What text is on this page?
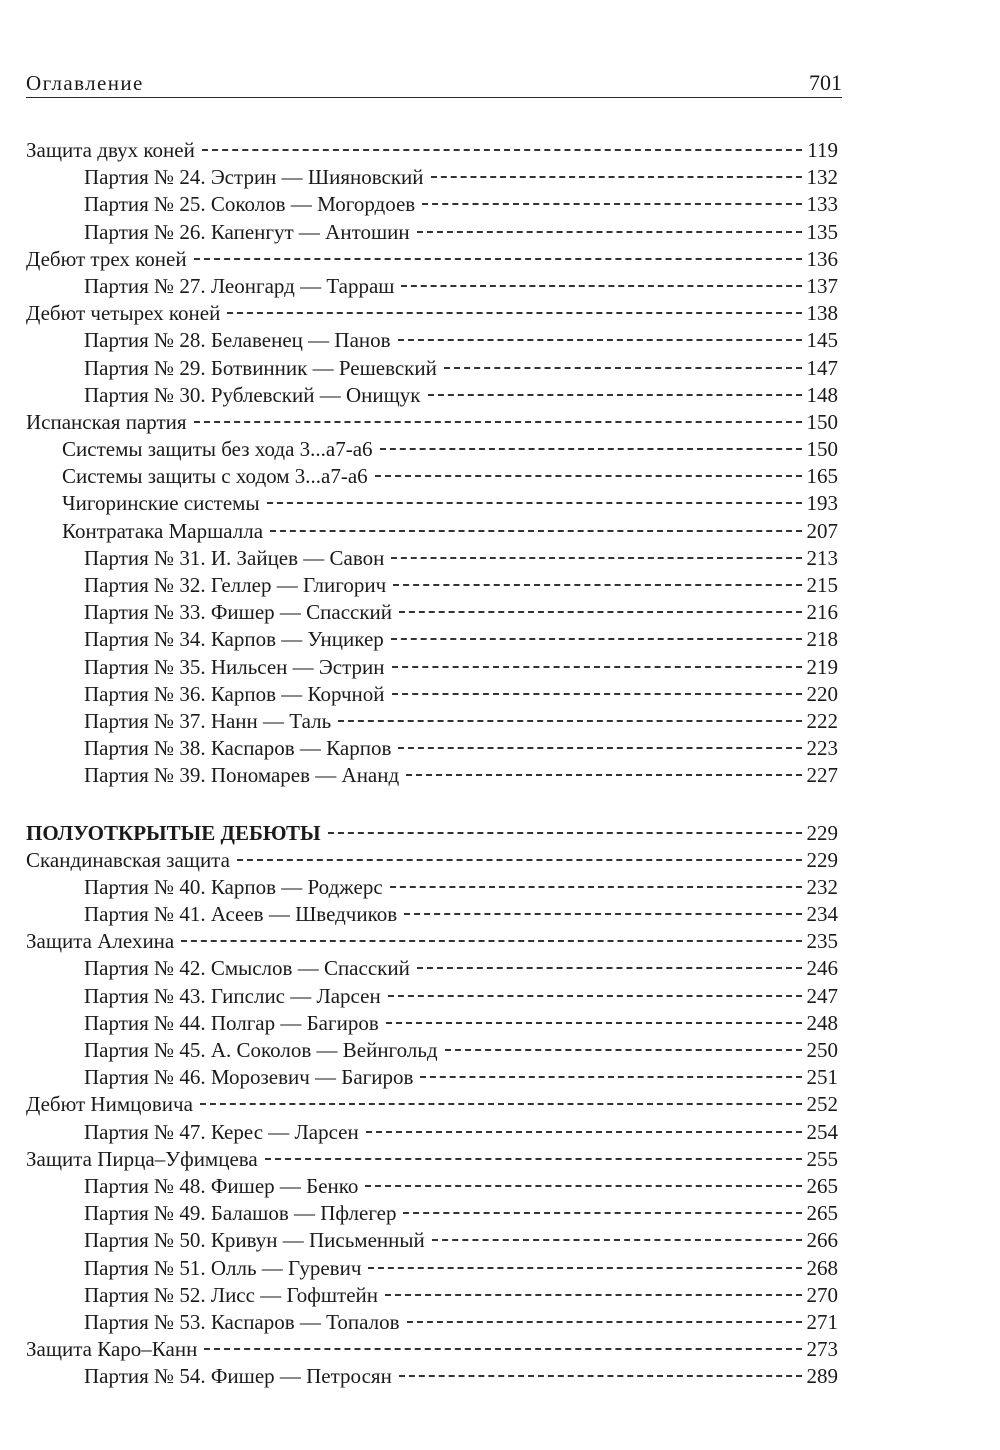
Оглавление	701
Защита двух коней	119
Партия № 24. Эстрин — Шияновский	132
Партия № 25. Соколов — Могордоев	133
Партия № 26. Капенгут — Антошин	135
Дебют трех коней	136
Партия № 27. Леонгард — Тарраш	137
Дебют четырех коней	138
Партия № 28. Белавенец — Панов	145
Партия № 29. Ботвинник — Решевский	147
Партия № 30. Рублевский — Онищук	148
Испанская партия	150
Системы защиты без хода 3...а7-а6	150
Системы защиты с ходом 3...а7-а6	165
Чигоринские системы	193
Контратака Маршалла	207
Партия № 31. И. Зайцев — Савон	213
Партия № 32. Геллер — Глигорич	215
Партия № 33. Фишер — Спасский	216
Партия № 34. Карпов — Унцикер	218
Партия № 35. Нильсен — Эстрин	219
Партия № 36. Карпов — Корчной	220
Партия № 37. Нанн — Таль	222
Партия № 38. Каспаров — Карпов	223
Партия № 39. Пономарев — Ананд	227
ПОЛУОТКРЫТЫЕ ДЕБЮТЫ	229
Скандинавская защита	229
Партия № 40. Карпов — Роджерс	232
Партия № 41. Асеев — Шведчиков	234
Защита Алехина	235
Партия № 42. Смыслов — Спасский	246
Партия № 43. Гипслис — Ларсен	247
Партия № 44. Полгар — Багиров	248
Партия № 45. А. Соколов — Вейнгольд	250
Партия № 46. Морозевич — Багиров	251
Дебют Нимцовича	252
Партия № 47. Керес — Ларсен	254
Защита Пирца–Уфимцева	255
Партия № 48. Фишер — Бенко	265
Партия № 49. Балашов — Пфлегер	265
Партия № 50. Кривун — Письменный	266
Партия № 51. Олль — Гуревич	268
Партия № 52. Лисс — Гофштейн	270
Партия № 53. Каспаров — Топалов	271
Защита Каро–Канн	273
Партия № 54. Фишер — Петросян	289
